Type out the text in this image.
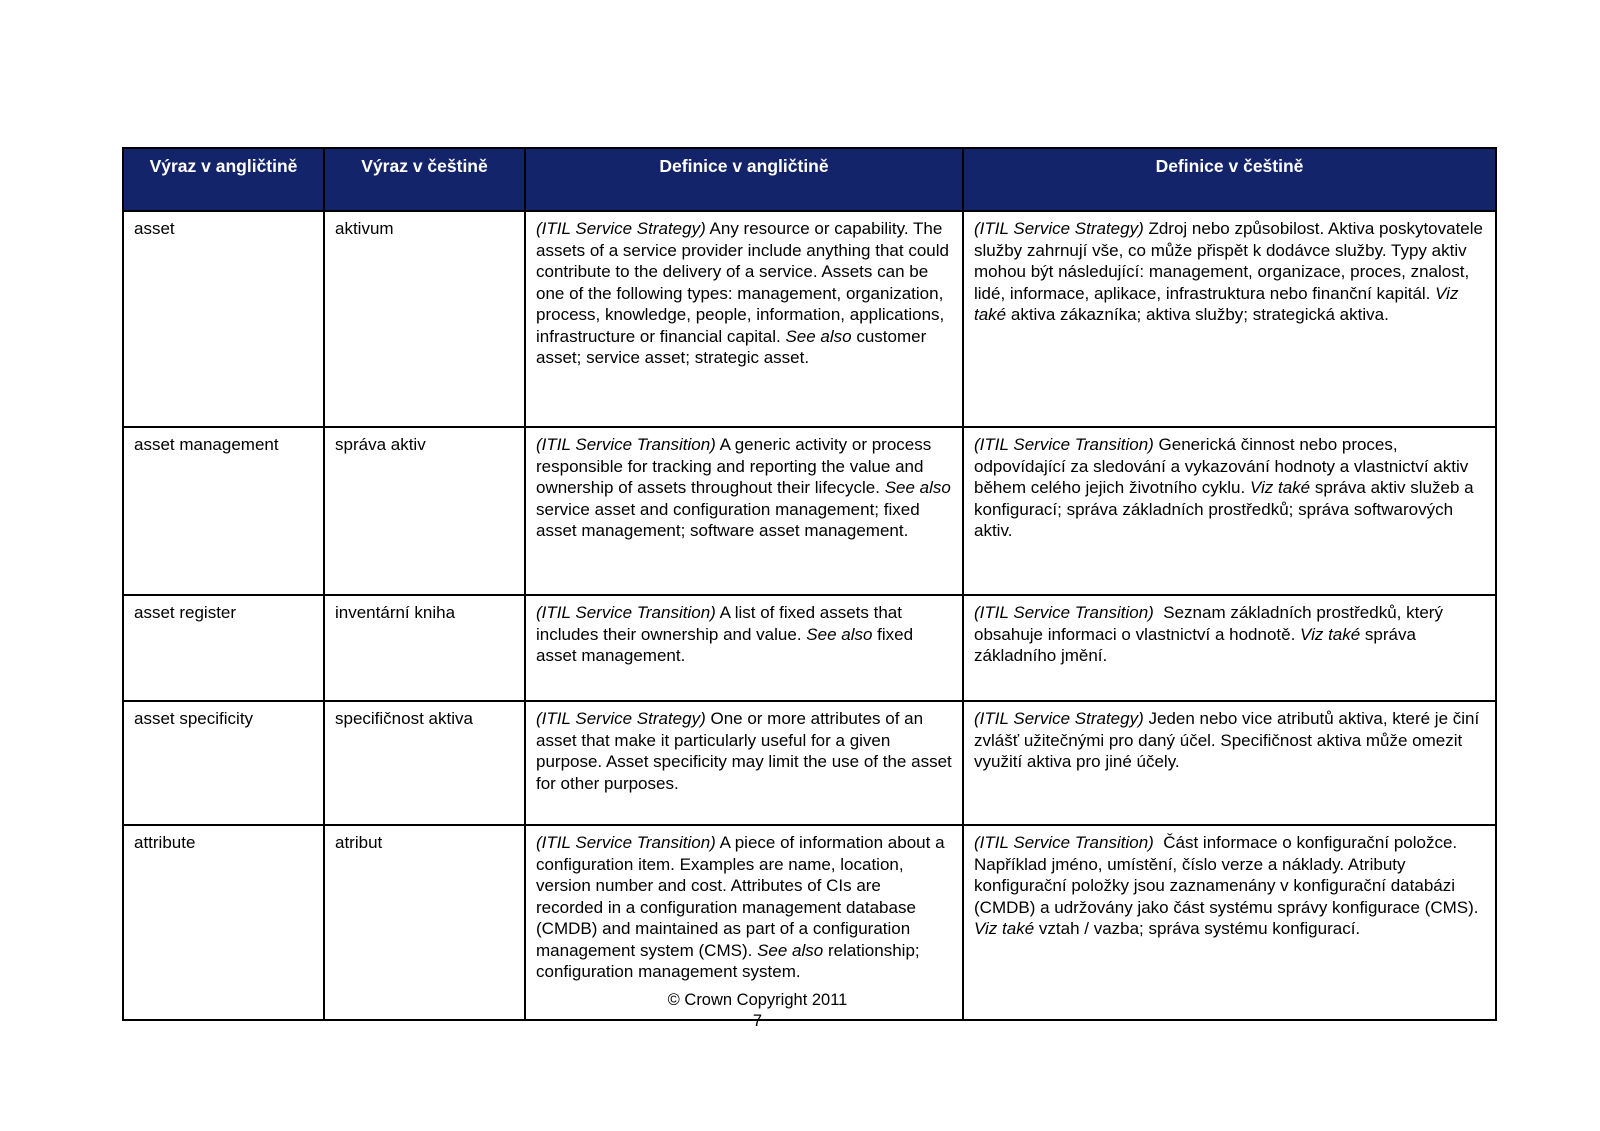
Výraz v angličtině	Výraz v češtině	Definice v angličtině	Definice v češtině
asset	aktivum	(ITIL Service Strategy) Any resource or capability. The assets of a service provider include anything that could contribute to the delivery of a service. Assets can be one of the following types: management, organization, process, knowledge, people, information, applications, infrastructure or financial capital. See also customer asset; service asset; strategic asset.	(ITIL Service Strategy) Zdroj nebo způsobilost. Aktiva poskytovatele služby zahrnují vše, co může přispět k dodávce služby. Typy aktiv mohou být následující: management, organizace, proces, znalost, lidé, informace, aplikace, infrastruktura nebo finanční kapitál. Viz také aktiva zákazníka; aktiva služby; strategická aktiva.
asset management	správa aktiv	(ITIL Service Transition) A generic activity or process responsible for tracking and reporting the value and ownership of assets throughout their lifecycle. See also service asset and configuration management; fixed asset management; software asset management.	(ITIL Service Transition) Generická činnost nebo proces, odpovídající za sledování a vykazování hodnoty a vlastnictví aktiv během celého jejich životního cyklu. Viz také správa aktiv služeb a konfigurací; správa základních prostředků; správa softwarových aktiv.
asset register	inventární kniha	(ITIL Service Transition) A list of fixed assets that includes their ownership and value. See also fixed asset management.	(ITIL Service Transition)  Seznam základních prostředků, který obsahuje informaci o vlastnictví a hodnotě. Viz také správa základního jmění.
asset specificity	specifičnost aktiva	(ITIL Service Strategy) One or more attributes of an asset that make it particularly useful for a given purpose. Asset specificity may limit the use of the asset for other purposes.	(ITIL Service Strategy) Jeden nebo vice atributů aktiva, které je činí zvlášť užitečnými pro daný účel. Specifičnost aktiva může omezit využití aktiva pro jiné účely.
attribute	atribut	(ITIL Service Transition) A piece of information about a configuration item. Examples are name, location, version number and cost. Attributes of CIs are recorded in a configuration management database (CMDB) and maintained as part of a configuration management system (CMS). See also relationship; configuration management system.	(ITIL Service Transition)  Část informace o konfigurační položce. Například jméno, umístění, číslo verze a náklady. Atributy konfigurační položky jsou zaznamenány v konfigurační databázi (CMDB) a udržovány jako část systému správy konfigurace (CMS). Viz také vztah / vazba; správa systému konfigurací.
© Crown Copyright 2011
7
